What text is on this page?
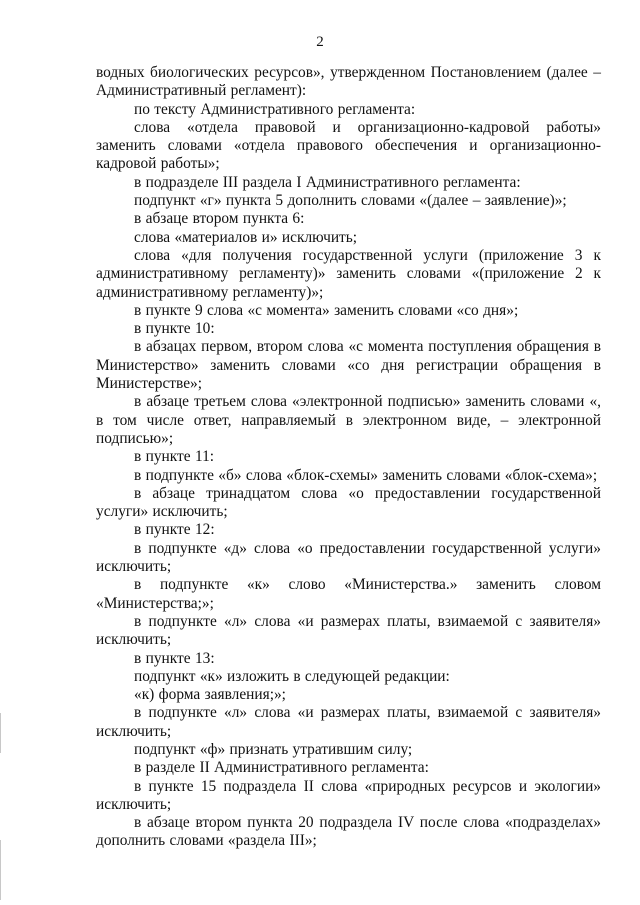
2

водных биологических ресурсов», утвержденном Постановлением (далее – Административный регламент):

по тексту Административного регламента:

слова «отдела правовой и организационно-кадровой работы» заменить словами «отдела правового обеспечения и организационно-кадровой работы»;

в подразделе III раздела I Административного регламента:

подпункт «г» пункта 5 дополнить словами «(далее – заявление)»;

в абзаце втором пункта 6:

слова «материалов и» исключить;

слова «для получения государственной услуги (приложение 3 к административному регламенту)» заменить словами «(приложение 2 к административному регламенту)»;

в пункте 9 слова «с момента» заменить словами «со дня»;

в пункте 10:

в абзацах первом, втором слова «с момента поступления обращения в Министерство» заменить словами «со дня регистрации обращения в Министерстве»;

в абзаце третьем слова «электронной подписью» заменить словами «, в том числе ответ, направляемый в электронном виде, – электронной подписью»;

в пункте 11:

в подпункте «б» слова «блок-схемы» заменить словами «блок-схема»;

в абзаце тринадцатом слова «о предоставлении государственной услуги» исключить;

в пункте 12:

в подпункте «д» слова «о предоставлении государственной услуги» исключить;

в подпункте «к» слово «Министерства.» заменить словом «Министерства;»;

в подпункте «л» слова «и размерах платы, взимаемой с заявителя» исключить;

в пункте 13:

подпункт «к» изложить в следующей редакции:

«к) форма заявления;»;

в подпункте «л» слова «и размерах платы, взимаемой с заявителя» исключить;

подпункт «ф» признать утратившим силу;

в разделе II Административного регламента:

в пункте 15 подраздела II слова «природных ресурсов и экологии» исключить;

в абзаце втором пункта 20 подраздела IV после слова «подразделах» дополнить словами «раздела III»;
